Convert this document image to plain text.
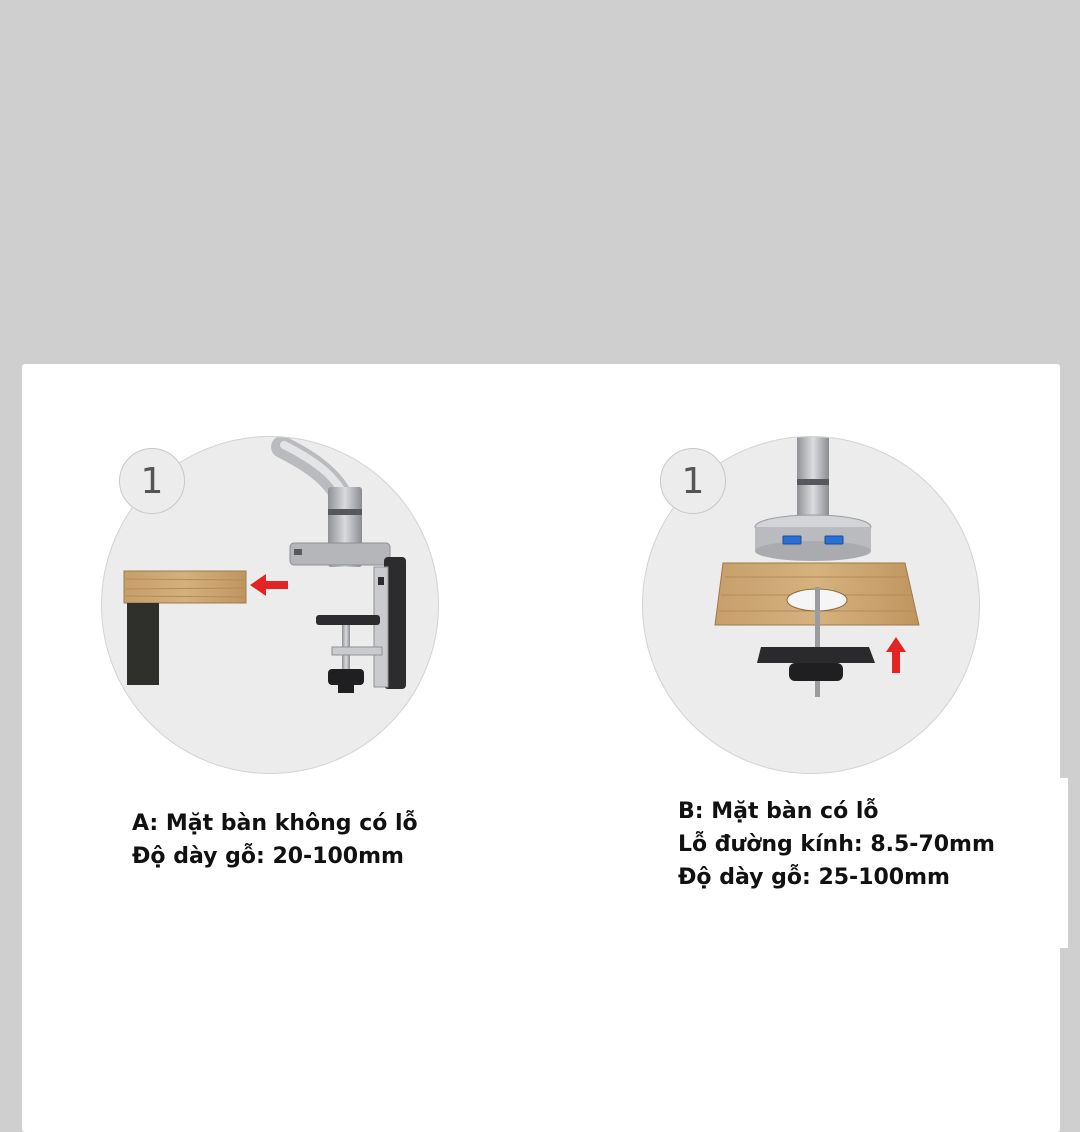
1	1
A: Mặt bàn không có lỗ
Độ dày gỗ: 20-100mm
B: Mặt bàn có lỗ
Lỗ đường kính: 8.5-70mm
Độ dày gỗ: 25-100mm
